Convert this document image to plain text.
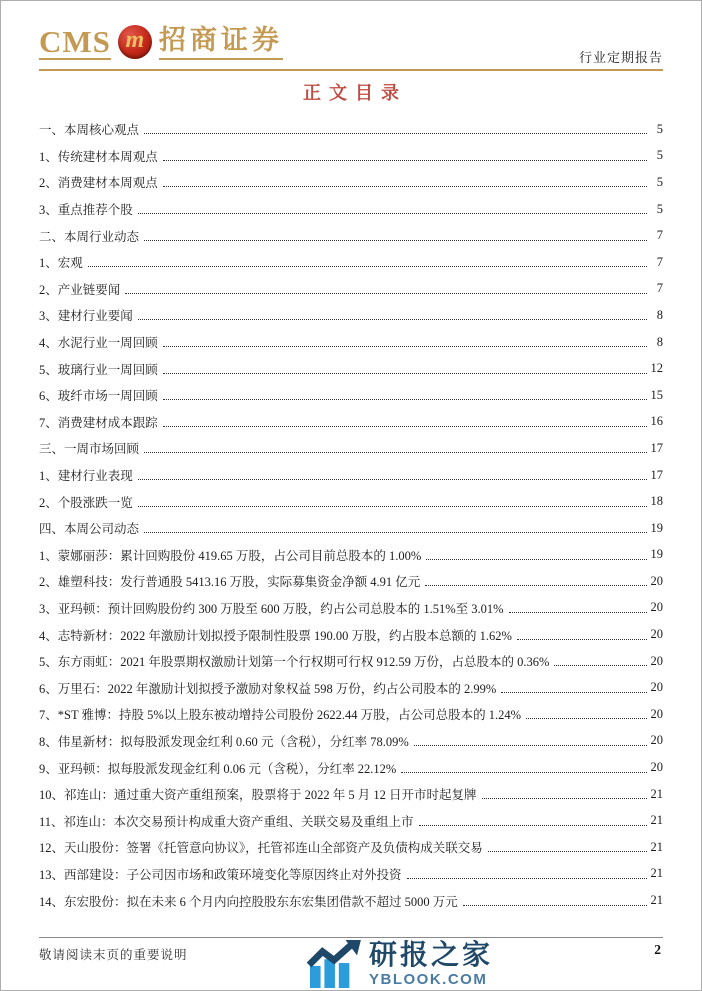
CMS m 招商证券
行业定期报告
正文目录
一、本周核心观点	5
1、传统建材本周观点	5
2、消费建材本周观点	5
3、重点推荐个股	5
二、本周行业动态	7
1、宏观	7
2、产业链要闻	7
3、建材行业要闻	8
4、水泥行业一周回顾	8
5、玻璃行业一周回顾	12
6、玻纤市场一周回顾	15
7、消费建材成本跟踪	16
三、一周市场回顾	17
1、建材行业表现	17
2、个股涨跌一览	18
四、本周公司动态	19
1、蒙娜丽莎：累计回购股份 419.65 万股，占公司目前总股本的 1.00%	19
2、雄塑科技：发行普通股 5413.16 万股，实际募集资金净额 4.91 亿元	20
3、亚玛顿：预计回购股份约 300 万股至 600 万股，约占公司总股本的 1.51%至 3.01%	20
4、志特新材：2022 年激励计划拟授予限制性股票 190.00 万股，约占股本总额的 1.62%	20
5、东方雨虹：2021 年股票期权激励计划第一个行权期可行权 912.59 万份，占总股本的 0.36%	20
6、万里石：2022 年激励计划拟授予激励对象权益 598 万份，约占公司股本的 2.99%	20
7、*ST 雅博：持股 5%以上股东被动增持公司股份 2622.44 万股，占公司总股本的 1.24%	20
8、伟星新材：拟每股派发现金红利 0.60 元（含税），分红率 78.09%	20
9、亚玛顿：拟每股派发现金红利 0.06 元（含税），分红率 22.12%	20
10、祁连山：通过重大资产重组预案，股票将于 2022 年 5 月 12 日开市时起复牌	21
11、祁连山：本次交易预计构成重大资产重组、关联交易及重组上市	21
12、天山股份：签署《托管意向协议》，托管祁连山全部资产及负债构成关联交易	21
13、西部建设：子公司因市场和政策环境变化等原因终止对外投资	21
14、东宏股份：拟在未来 6 个月内向控股股东东宏集团借款不超过 5000 万元	21
敬请阅读末页的重要说明	2
研报之家
YBLOOK.COM
